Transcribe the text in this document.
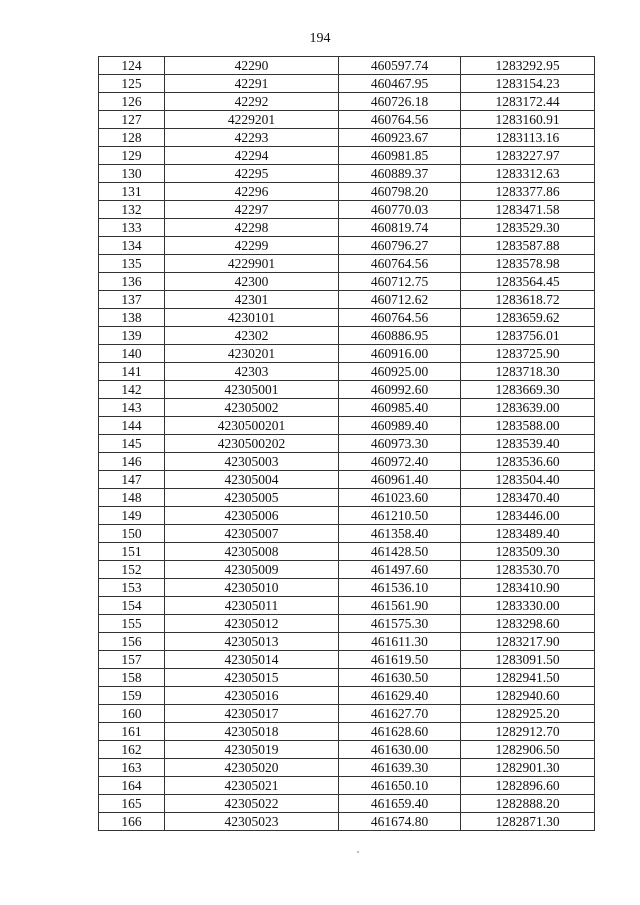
194
124	42290	460597.74	1283292.95
125	42291	460467.95	1283154.23
126	42292	460726.18	1283172.44
127	4229201	460764.56	1283160.91
128	42293	460923.67	1283113.16
129	42294	460981.85	1283227.97
130	42295	460889.37	1283312.63
131	42296	460798.20	1283377.86
132	42297	460770.03	1283471.58
133	42298	460819.74	1283529.30
134	42299	460796.27	1283587.88
135	4229901	460764.56	1283578.98
136	42300	460712.75	1283564.45
137	42301	460712.62	1283618.72
138	4230101	460764.56	1283659.62
139	42302	460886.95	1283756.01
140	4230201	460916.00	1283725.90
141	42303	460925.00	1283718.30
142	42305001	460992.60	1283669.30
143	42305002	460985.40	1283639.00
144	4230500201	460989.40	1283588.00
145	4230500202	460973.30	1283539.40
146	42305003	460972.40	1283536.60
147	42305004	460961.40	1283504.40
148	42305005	461023.60	1283470.40
149	42305006	461210.50	1283446.00
150	42305007	461358.40	1283489.40
151	42305008	461428.50	1283509.30
152	42305009	461497.60	1283530.70
153	42305010	461536.10	1283410.90
154	42305011	461561.90	1283330.00
155	42305012	461575.30	1283298.60
156	42305013	461611.30	1283217.90
157	42305014	461619.50	1283091.50
158	42305015	461630.50	1282941.50
159	42305016	461629.40	1282940.60
160	42305017	461627.70	1282925.20
161	42305018	461628.60	1282912.70
162	42305019	461630.00	1282906.50
163	42305020	461639.30	1282901.30
164	42305021	461650.10	1282896.60
165	42305022	461659.40	1282888.20
166	42305023	461674.80	1282871.30
